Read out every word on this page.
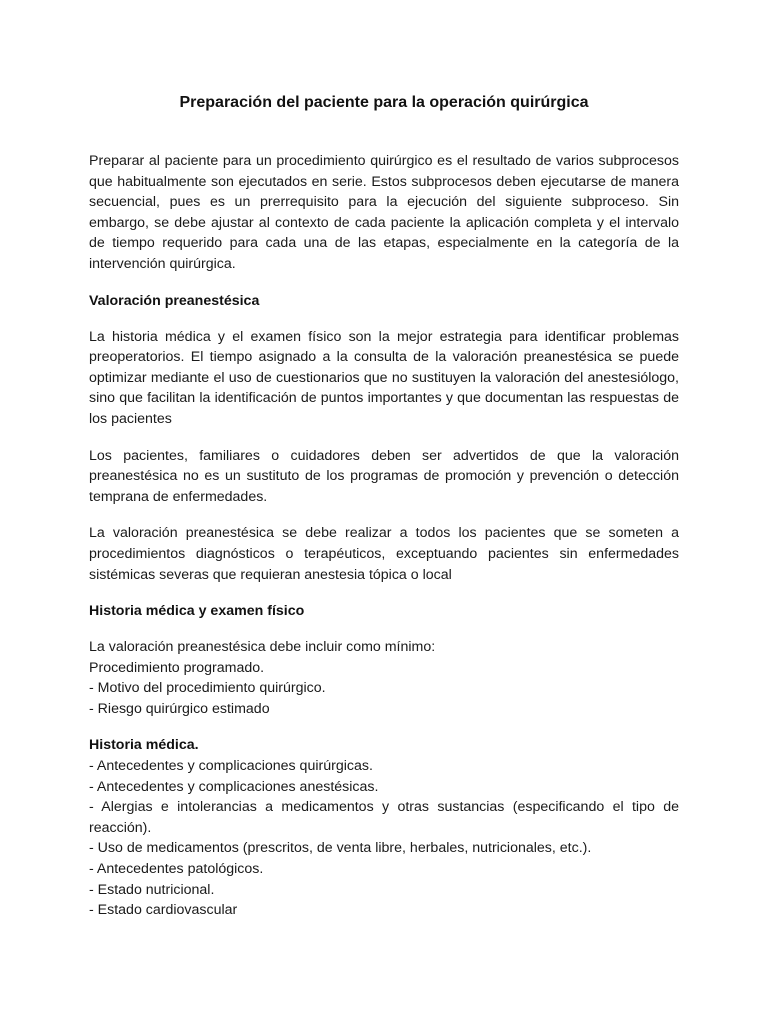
Preparación del paciente para la operación quirúrgica

Preparar al paciente para un procedimiento quirúrgico es el resultado de varios subprocesos que habitualmente son ejecutados en serie. Estos subprocesos deben ejecutarse de manera secuencial, pues es un prerrequisito para la ejecución del siguiente subproceso. Sin embargo, se debe ajustar al contexto de cada paciente la aplicación completa y el intervalo de tiempo requerido para cada una de las etapas, especialmente en la categoría de la intervención quirúrgica.

Valoración preanestésica

La historia médica y el examen físico son la mejor estrategia para identificar problemas preoperatorios. El tiempo asignado a la consulta de la valoración preanestésica se puede optimizar mediante el uso de cuestionarios que no sustituyen la valoración del anestesiólogo, sino que facilitan la identificación de puntos importantes y que documentan las respuestas de los pacientes

Los pacientes, familiares o cuidadores deben ser advertidos de que la valoración preanestésica no es un sustituto de los programas de promoción y prevención o detección temprana de enfermedades.

La valoración preanestésica se debe realizar a todos los pacientes que se someten a procedimientos diagnósticos o terapéuticos, exceptuando pacientes sin enfermedades sistémicas severas que requieran anestesia tópica o local

Historia médica y examen físico
La valoración preanestésica debe incluir como mínimo:
Procedimiento programado.
- Motivo del procedimiento quirúrgico.
- Riesgo quirúrgico estimado
Historia médica.
- Antecedentes y complicaciones quirúrgicas.
- Antecedentes y complicaciones anestésicas.
- Alergias e intolerancias a medicamentos y otras sustancias (especificando el tipo de reacción).
- Uso de medicamentos (prescritos, de venta libre, herbales, nutricionales, etc.).
- Antecedentes patológicos.
- Estado nutricional.
- Estado cardiovascular
